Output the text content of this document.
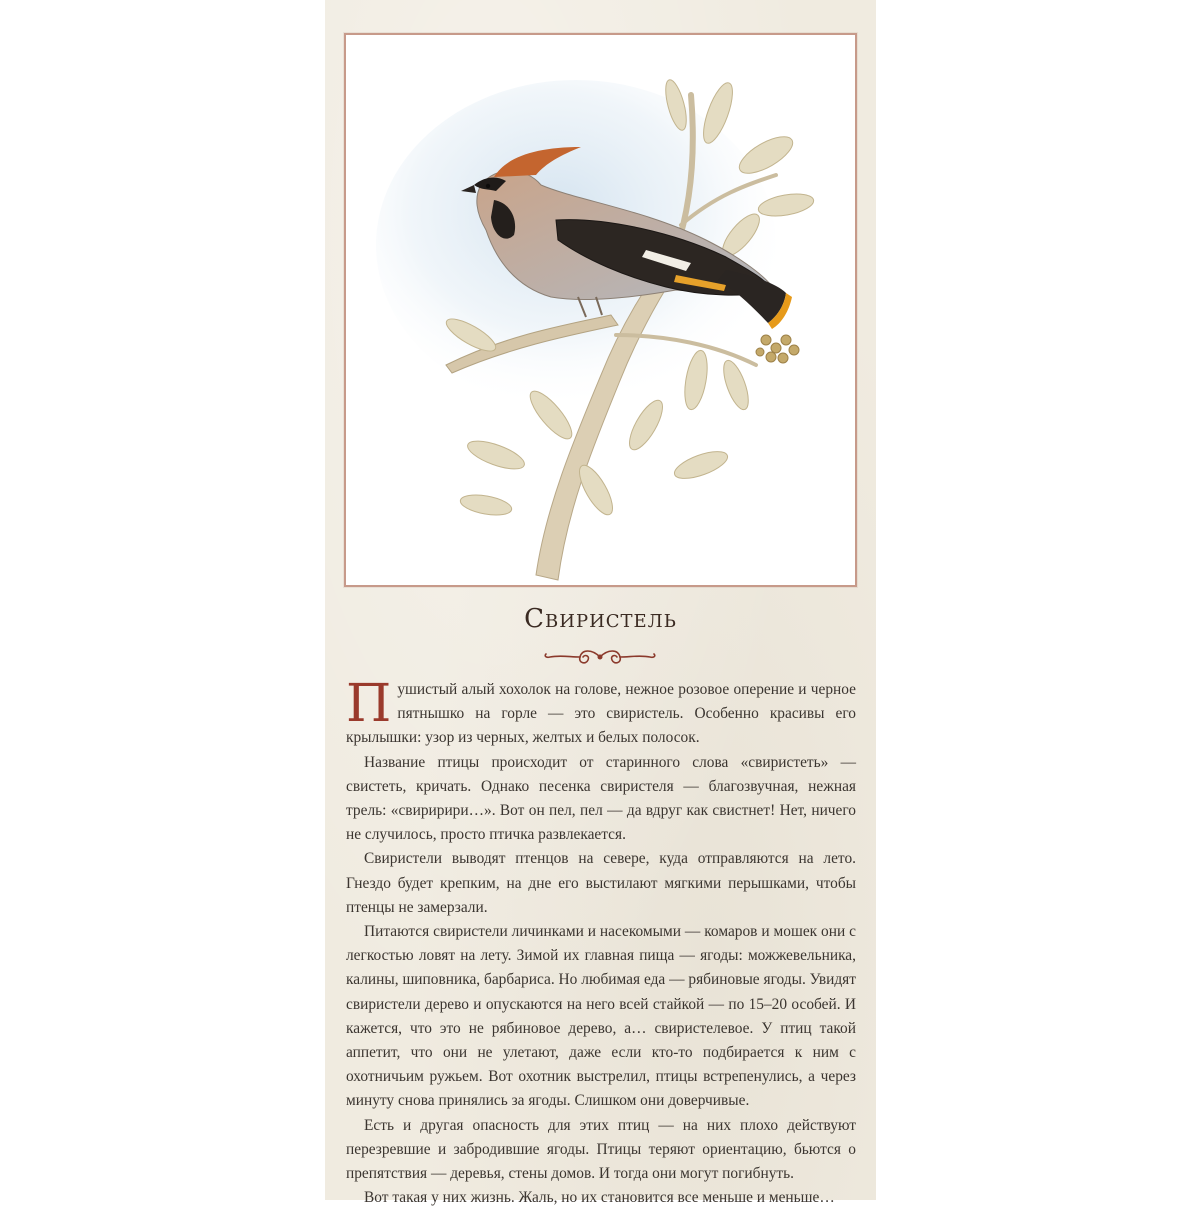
Свиристель

Пушистый алый хохолок на голове, нежное розовое оперение и черное пятнышко на горле — это свиристель. Особенно красивы его крылышки: узор из черных, желтых и белых полосок.

Название птицы происходит от старинного слова «свиристеть» — свистеть, кричать. Однако песенка свиристеля — благозвучная, нежная трель: «свиририри…». Вот он пел, пел — да вдруг как свистнет! Нет, ничего не случилось, просто птичка развлекается.

Свиристели выводят птенцов на севере, куда отправляются на лето. Гнездо будет крепким, на дне его выстилают мягкими перышками, чтобы птенцы не замерзали.

Питаются свиристели личинками и насекомыми — комаров и мошек они с легкостью ловят на лету. Зимой их главная пища — ягоды: можжевельника, калины, шиповника, барбариса. Но любимая еда — рябиновые ягоды. Увидят свиристели дерево и опускаются на него всей стайкой — по 15–20 особей. И кажется, что это не рябиновое дерево, а… свиристелевое. У птиц такой аппетит, что они не улетают, даже если кто-то подбирается к ним с охотничьим ружьем. Вот охотник выстрелил, птицы встрепенулись, а через минуту снова принялись за ягоды. Слишком они доверчивые.

Есть и другая опасность для этих птиц — на них плохо действуют перезревшие и забродившие ягоды. Птицы теряют ориентацию, бьются о препятствия — деревья, стены домов. И тогда они могут погибнуть.

Вот такая у них жизнь. Жаль, но их становится все меньше и меньше…
